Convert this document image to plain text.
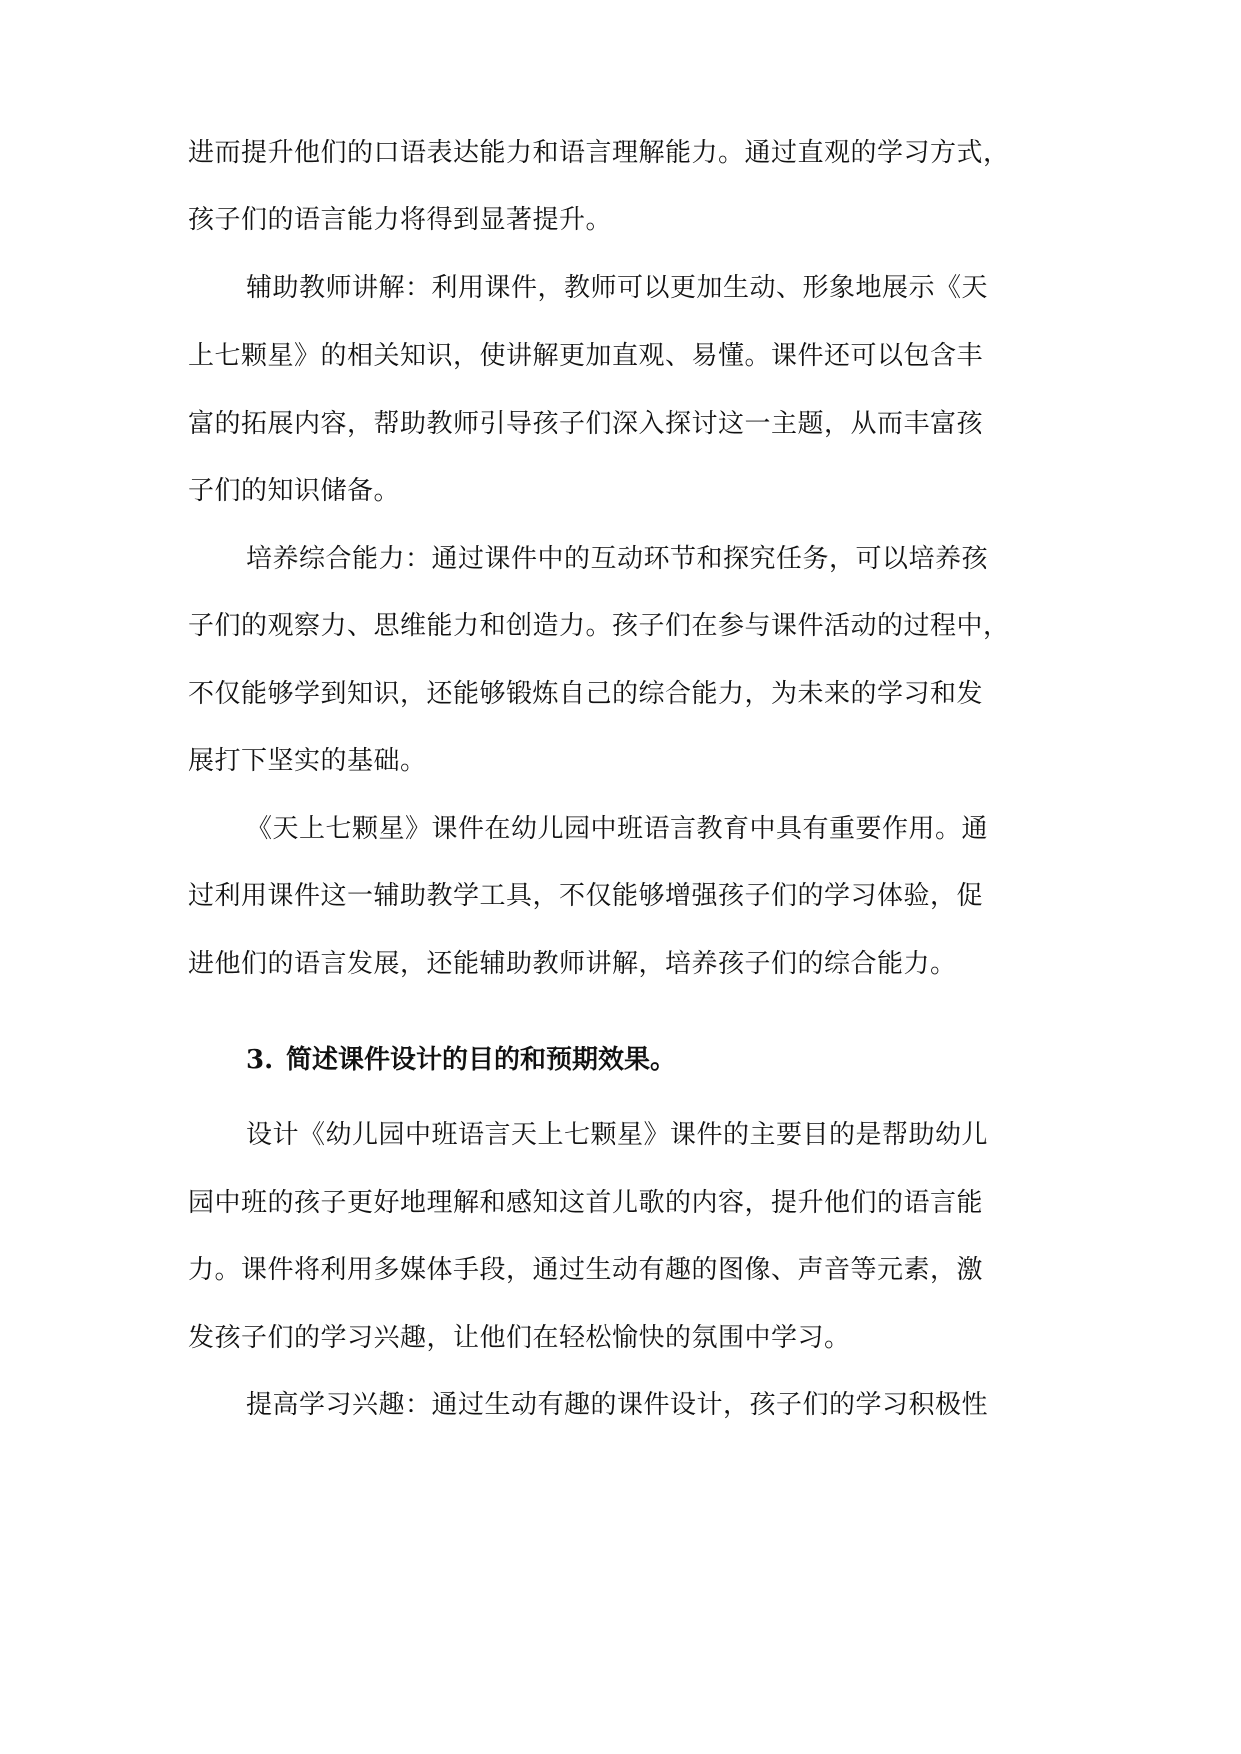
进而提升他们的口语表达能力和语言理解能力。通过直观的学习方式，
孩子们的语言能力将得到显著提升。
辅助教师讲解：利用课件，教师可以更加生动、形象地展示《天
上七颗星》的相关知识，使讲解更加直观、易懂。课件还可以包含丰
富的拓展内容，帮助教师引导孩子们深入探讨这一主题，从而丰富孩
子们的知识储备。
培养综合能力：通过课件中的互动环节和探究任务，可以培养孩
子们的观察力、思维能力和创造力。孩子们在参与课件活动的过程中，
不仅能够学到知识，还能够锻炼自己的综合能力，为未来的学习和发
展打下坚实的基础。
《天上七颗星》课件在幼儿园中班语言教育中具有重要作用。通
过利用课件这一辅助教学工具，不仅能够增强孩子们的学习体验，促
进他们的语言发展，还能辅助教师讲解，培养孩子们的综合能力。
3. 简述课件设计的目的和预期效果。
设计《幼儿园中班语言天上七颗星》课件的主要目的是帮助幼儿
园中班的孩子更好地理解和感知这首儿歌的内容，提升他们的语言能
力。课件将利用多媒体手段，通过生动有趣的图像、声音等元素，激
发孩子们的学习兴趣，让他们在轻松愉快的氛围中学习。
提高学习兴趣：通过生动有趣的课件设计，孩子们的学习积极性
